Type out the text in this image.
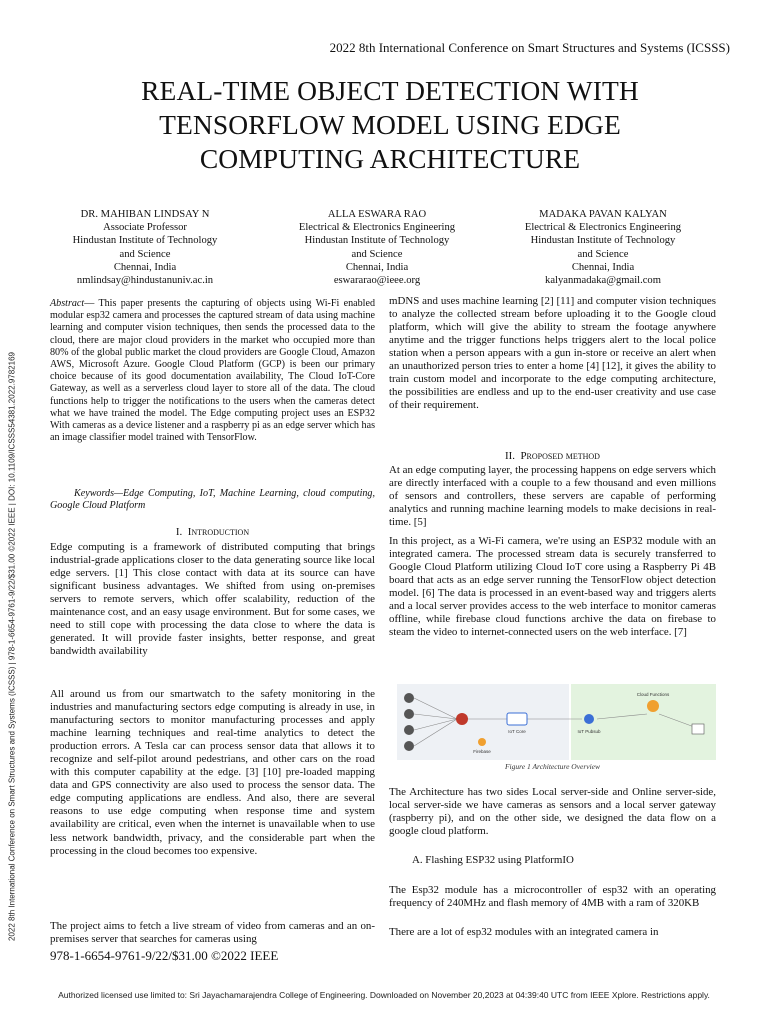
2022 8th International Conference on Smart Structures and Systems (ICSSS)
REAL-TIME OBJECT DETECTION WITH
TENSORFLOW MODEL USING EDGE
COMPUTING ARCHITECTURE
DR. MAHIBAN LINDSAY N
Associate Professor
Hindustan Institute of Technology
and Science
Chennai, India
nmlindsay@hindustanuniv.ac.in
ALLA ESWARA RAO
Electrical & Electronics Engineering
Hindustan Institute of Technology
and Science
Chennai, India
eswararao@ieee.org
MADAKA PAVAN KALYAN
Electrical & Electronics Engineering
Hindustan Institute of Technology
and Science
Chennai, India
kalyanmadaka@gmail.com
2022 8th International Conference on Smart Structures and Systems (ICSSS) | 978-1-6654-9761-9/22/$31.00 ©2022 IEEE | DOI: 10.1109/ICSSS54381.2022.9782169
Abstract— This paper presents the capturing of objects using Wi-Fi enabled modular esp32 camera and processes the captured stream of data using machine learning and computer vision techniques, then sends the processed data to the cloud, there are major cloud providers in the market who occupied more than 80% of the global public market the cloud providers are Google Cloud, Amazon AWS, Microsoft Azure. Google Cloud Platform (GCP) is been our primary choice because of its good documentation availability, The Cloud IoT-Core Gateway, as well as a serverless cloud layer to store all of the data. The cloud functions help to trigger the notifications to the users when the cameras detect what we have trained the model. The Edge computing project uses an ESP32 With cameras as a device listener and a raspberry pi as an edge server which has an image classifier model trained with TensorFlow.
Keywords—Edge Computing, IoT, Machine Learning, cloud computing, Google Cloud Platform
I. Introduction
Edge computing is a framework of distributed computing that brings industrial-grade applications closer to the data generating source like local edge servers. [1] This close contact with data at its source can have significant business advantages. We shifted from using on-premises servers to remote servers, which offer scalability, reduction of the maintenance cost, and an easy usage environment. But for some cases, we need to still cope with processing the data close to where the data is generated. It will provide faster insights, better response, and great bandwidth availability
All around us from our smartwatch to the safety monitoring in the industries and manufacturing sectors edge computing is already in use, in manufacturing sectors to monitor manufacturing processes and apply machine learning techniques and real-time analytics to detect the production errors. A Tesla car can process sensor data that allows it to recognize and self-pilot around pedestrians, and other cars on the road with this computer capability at the edge. [3] [10] pre-loaded mapping data and GPS connectivity are also used to process the sensor data. The edge computing applications are endless. And also, there are several reasons to use edge computing when response time and system availability are critical, even when the internet is unavailable when to use less network bandwidth, privacy, and the considerable part when the processing in the cloud becomes too expensive.
The project aims to fetch a live stream of video from cameras and an on-premises server that searches for cameras using
978-1-6654-9761-9/22/$31.00 ©2022 IEEE
mDNS and uses machine learning [2] [11] and computer vision techniques to analyze the collected stream before uploading it to the Google cloud platform, which will give the ability to stream the footage anywhere anytime and the trigger functions helps triggers alert to the local police station when a person appears with a gun in-store or receive an alert when an unauthorized person tries to enter a home [4] [12], it gives the ability to train custom model and incorporate to the edge computing architecture, the possibilities are endless and up to the end-user creativity and use case of their requirement.
II. Proposed method
At an edge computing layer, the processing happens on edge servers which are directly interfaced with a couple to a few thousand and even millions of sensors and controllers, these servers are capable of performing analytics and running machine learning models to make decisions in real-time. [5]
In this project, as a Wi-Fi camera, we're using an ESP32 module with an integrated camera. The processed stream data is securely transferred to Google Cloud Platform utilizing Cloud IoT core using a Raspberry Pi 4B board that acts as an edge server running the TensorFlow object detection model. [6] The data is processed in an event-based way and triggers alerts and a local server provides access to the web interface to monitor cameras offline, while firebase cloud functions archive the data on firebase to steam the video to internet-connected users on the web interface. [7]
IoT Core
Firebase
IoT Pubsub
Cloud Functions
Figure 1 Architecture Overview
The Architecture has two sides Local server-side and Online server-side, local server-side we have cameras as sensors and a local server gateway (raspberry pi), and on the other side, we designed the data flow on a google cloud platform.
A. Flashing ESP32 using PlatformIO
The Esp32 module has a microcontroller of esp32 with an operating frequency of 240MHz and flash memory of 4MB with a ram of 320KB
There are a lot of esp32 modules with an integrated camera in
Authorized licensed use limited to: Sri Jayachamarajendra College of Engineering. Downloaded on November 20,2023 at 04:39:40 UTC from IEEE Xplore. Restrictions apply.
